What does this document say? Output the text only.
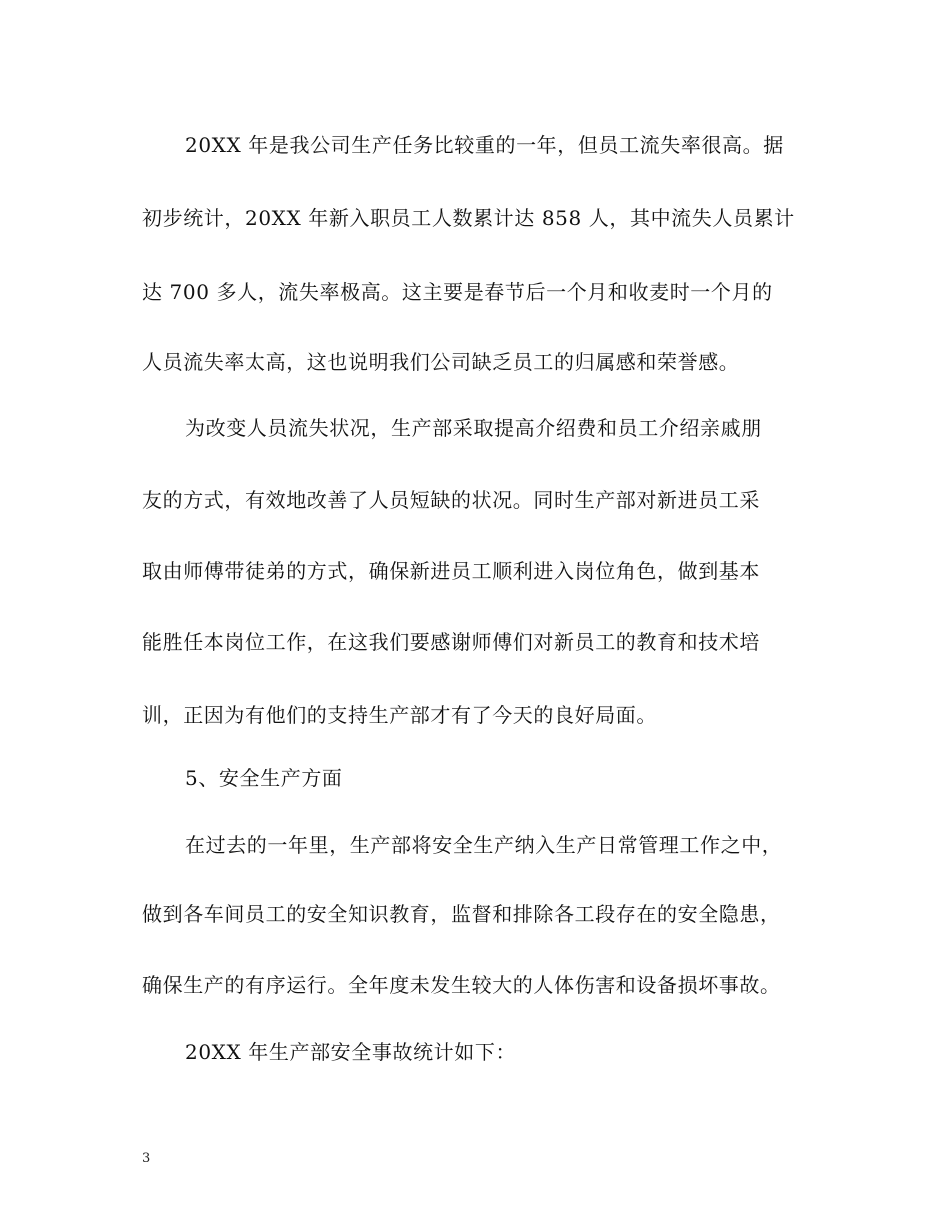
20XX 年是我公司生产任务比较重的一年，但员工流失率很高。据
初步统计，20XX 年新入职员工人数累计达 858 人，其中流失人员累计
达 700 多人，流失率极高。这主要是春节后一个月和收麦时一个月的
人员流失率太高，这也说明我们公司缺乏员工的归属感和荣誉感。
为改变人员流失状况，生产部采取提高介绍费和员工介绍亲戚朋
友的方式，有效地改善了人员短缺的状况。同时生产部对新进员工采
取由师傅带徒弟的方式，确保新进员工顺利进入岗位角色，做到基本
能胜任本岗位工作，在这我们要感谢师傅们对新员工的教育和技术培
训，正因为有他们的支持生产部才有了今天的良好局面。
5、安全生产方面
在过去的一年里，生产部将安全生产纳入生产日常管理工作之中，
做到各车间员工的安全知识教育，监督和排除各工段存在的安全隐患，
确保生产的有序运行。全年度未发生较大的人体伤害和设备损坏事故。
20XX 年生产部安全事故统计如下：
3
